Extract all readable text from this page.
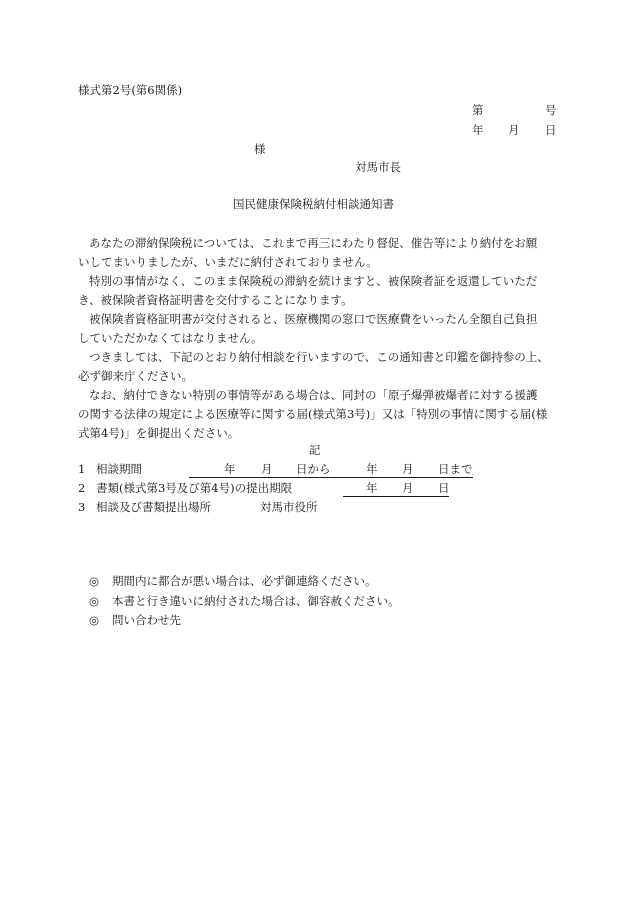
様式第2号(第6関係)
第	号
年 月 日
様
対馬市長
国民健康保険税納付相談通知書
あなたの滞納保険税については、これまで再三にわたり督促、催告等により納付をお願
いしてまいりましたが、いまだに納付されておりません。
特別の事情がなく、このまま保険税の滞納を続けますと、被保険者証を返還していただ
き、被保険者資格証明書を交付することになります。
被保険者資格証明書が交付されると、医療機関の窓口で医療費をいったん全額自己負担
していただかなくてはなりません。
つきましては、下記のとおり納付相談を行いますので、この通知書と印鑑を御持参の上、
必ず御来庁ください。
なお、納付できない特別の事情等がある場合は、同封の「原子爆弾被爆者に対する援護
の関する法律の規定による医療等に関する届(様式第3号)」又は「特別の事情に関する届(様
式第4号)」を御提出ください。
記
1 相談期間	年 月 日から	年 月 日まで
2 書類(様式第3号及び第4号)の提出期限	年 月 日
3 相談及び書類提出場所	対馬市役所
◎ 期間内に都合が悪い場合は、必ず御連絡ください。
◎ 本書と行き違いに納付された場合は、御容赦ください。
◎ 問い合わせ先
